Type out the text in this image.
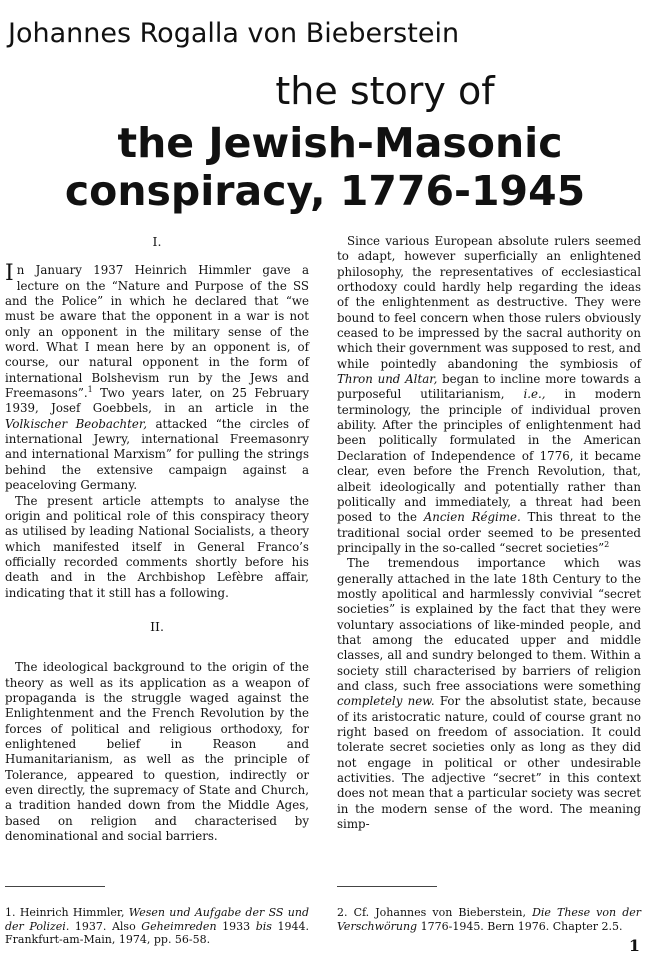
Johannes Rogalla von Bieberstein
the story of
the Jewish-Masonic
conspiracy, 1776-1945
I.

In January 1937 Heinrich Himmler gave a lecture on the “Nature and Purpose of the SS and the Police” in which he declared that “we must be aware that the opponent in a war is not only an opponent in the military sense of the word. What I mean here by an opponent is, of course, our natural opponent in the form of international Bolshevism run by the Jews and Freemasons”.$^1$ Two years later, on 25 February 1939, Josef Goebbels, in an article in the Volkischer Beobachter, attacked “the circles of international Jewry, international Freemasonry and international Marxism” for pulling the strings behind the extensive campaign against a peaceloving Germany.

The present article attempts to analyse the origin and political role of this conspiracy theory as utilised by leading National Socialists, a theory which manifested itself in General Franco’s officially recorded comments shortly before his death and in the Archbishop Lefèbre affair, indicating that it still has a following.

II.

The ideological background to the origin of the theory as well as its application as a weapon of propaganda is the struggle waged against the Enlightenment and the French Revolution by the forces of political and religious orthodoxy, for enlightened belief in Reason and Humanitarianism, as well as the principle of Tolerance, appeared to question, indirectly or even directly, the supremacy of State and Church, a tradition handed down from the Middle Ages, based on religion and characterised by denominational and social barriers.

Since various European absolute rulers seemed to adapt, however superficially an enlightened philosophy, the representatives of ecclesiastical orthodoxy could hardly help regarding the ideas of the enlightenment as destructive. They were bound to feel concern when those rulers obviously ceased to be impressed by the sacral authority on which their government was supposed to rest, and while pointedly abandoning the symbiosis of Thron und Altar, began to incline more towards a purposeful utilitarianism, i.e., in modern terminology, the principle of individual proven ability. After the principles of enlightenment had been politically formulated in the American Declaration of Independence of 1776, it became clear, even before the French Revolution, that, albeit ideologically and potentially rather than politically and immediately, a threat had been posed to the Ancien Régime. This threat to the traditional social order seemed to be presented principally in the so-called “secret societies”$^2$

The tremendous importance which was generally attached in the late 18th Century to the mostly apolitical and harmlessly convivial “secret societies” is explained by the fact that they were voluntary associations of like-minded people, and that among the educated upper and middle classes, all and sundry belonged to them. Within a society still characterised by barriers of religion and class, such free associations were something completely new. For the absolutist state, because of its aristocratic nature, could of course grant no right based on freedom of association. It could tolerate secret societies only as long as they did not engage in political or other undesirable activities. The adjective “secret” in this context does not mean that a particular society was secret in the modern sense of the word. The meaning simp-

1. Heinrich Himmler, Wesen und Aufgabe der SS und der Polizei. 1937. Also Geheimreden 1933 bis 1944. Frankfurt-am-Main, 1974, pp. 56-58.
2. Cf. Johannes von Bieberstein, Die These von der Verschwörung 1776-1945. Bern 1976. Chapter 2.5.
1
